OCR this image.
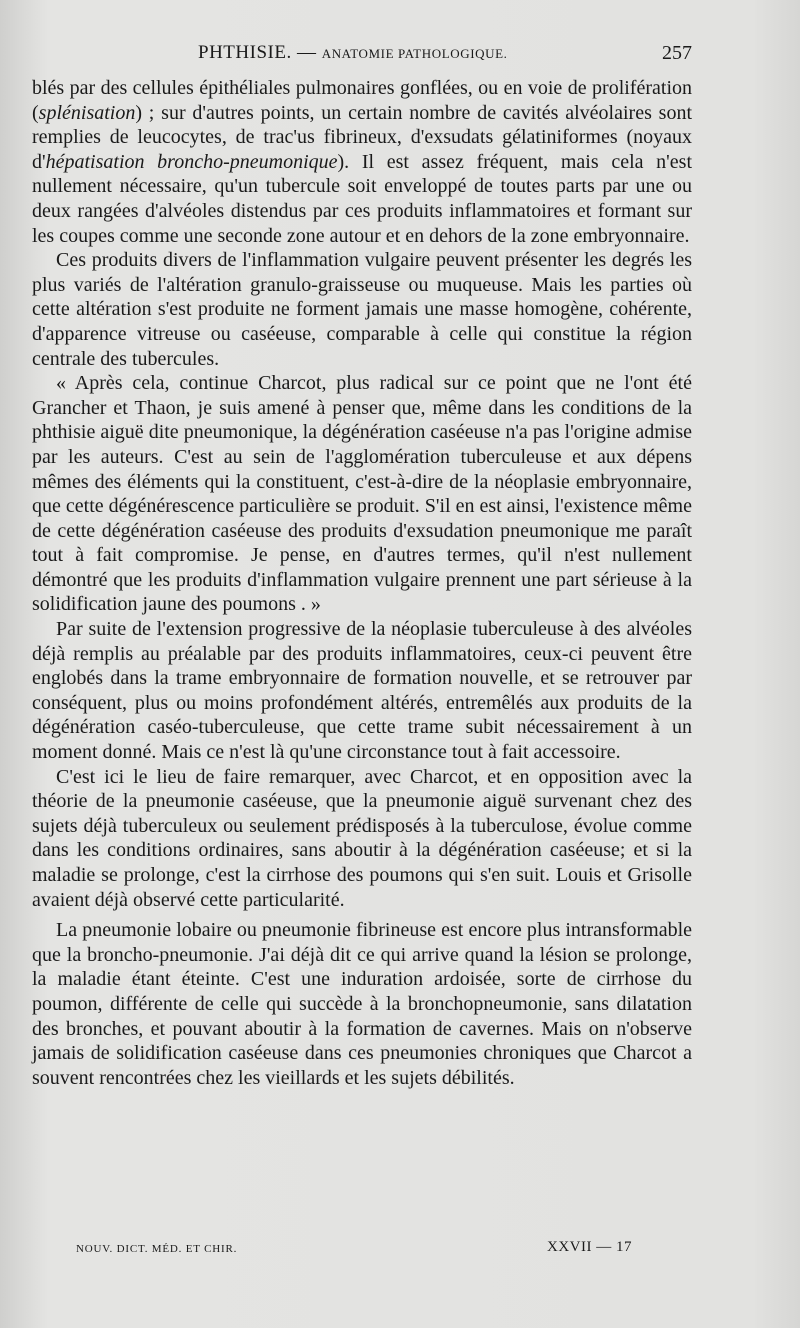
PHTHISIE. — ANATOMIE PATHOLOGIQUE.	257

blés par des cellules épithéliales pulmonaires gonflées, ou en voie de prolifération (splénisation) ; sur d'autres points, un certain nombre de cavités alvéolaires sont remplies de leucocytes, de trac'us fibrineux, d'exsudats gélatiniformes (noyaux d'hépatisation broncho-pneumonique). Il est assez fréquent, mais cela n'est nullement nécessaire, qu'un tubercule soit enveloppé de toutes parts par une ou deux rangées d'alvéoles distendus par ces produits inflammatoires et formant sur les coupes comme une seconde zone autour et en dehors de la zone embryonnaire.

Ces produits divers de l'inflammation vulgaire peuvent présenter les degrés les plus variés de l'altération granulo-graisseuse ou muqueuse. Mais les parties où cette altération s'est produite ne forment jamais une masse homogène, cohérente, d'apparence vitreuse ou caséeuse, comparable à celle qui constitue la région centrale des tubercules.

« Après cela, continue Charcot, plus radical sur ce point que ne l'ont été Grancher et Thaon, je suis amené à penser que, même dans les conditions de la phthisie aiguë dite pneumonique, la dégénération caséeuse n'a pas l'origine admise par les auteurs. C'est au sein de l'agglomération tuberculeuse et aux dépens mêmes des éléments qui la constituent, c'est-à-dire de la néoplasie embryonnaire, que cette dégénérescence particulière se produit. S'il en est ainsi, l'existence même de cette dégénération caséeuse des produits d'exsudation pneumonique me paraît tout à fait compromise. Je pense, en d'autres termes, qu'il n'est nullement démontré que les produits d'inflammation vulgaire prennent une part sérieuse à la solidification jaune des poumons . »

Par suite de l'extension progressive de la néoplasie tuberculeuse à des alvéoles déjà remplis au préalable par des produits inflammatoires, ceux-ci peuvent être englobés dans la trame embryonnaire de formation nouvelle, et se retrouver par conséquent, plus ou moins profondément altérés, entremêlés aux produits de la dégénération caséo-tuberculeuse, que cette trame subit nécessairement à un moment donné. Mais ce n'est là qu'une circonstance tout à fait accessoire.

C'est ici le lieu de faire remarquer, avec Charcot, et en opposition avec la théorie de la pneumonie caséeuse, que la pneumonie aiguë survenant chez des sujets déjà tuberculeux ou seulement prédisposés à la tuberculose, évolue comme dans les conditions ordinaires, sans aboutir à la dégénération caséeuse; et si la maladie se prolonge, c'est la cirrhose des poumons qui s'en suit. Louis et Grisolle avaient déjà observé cette particularité.

La pneumonie lobaire ou pneumonie fibrineuse est encore plus intransformable que la broncho-pneumonie. J'ai déjà dit ce qui arrive quand la lésion se prolonge, la maladie étant éteinte. C'est une induration ardoisée, sorte de cirrhose du poumon, différente de celle qui succède à la bronchopneumonie, sans dilatation des bronches, et pouvant aboutir à la formation de cavernes. Mais on n'observe jamais de solidification caséeuse dans ces pneumonies chroniques que Charcot a souvent rencontrées chez les vieillards et les sujets débilités.

NOUV. DICT. MÉD. ET CHIR.	XXVII — 17
